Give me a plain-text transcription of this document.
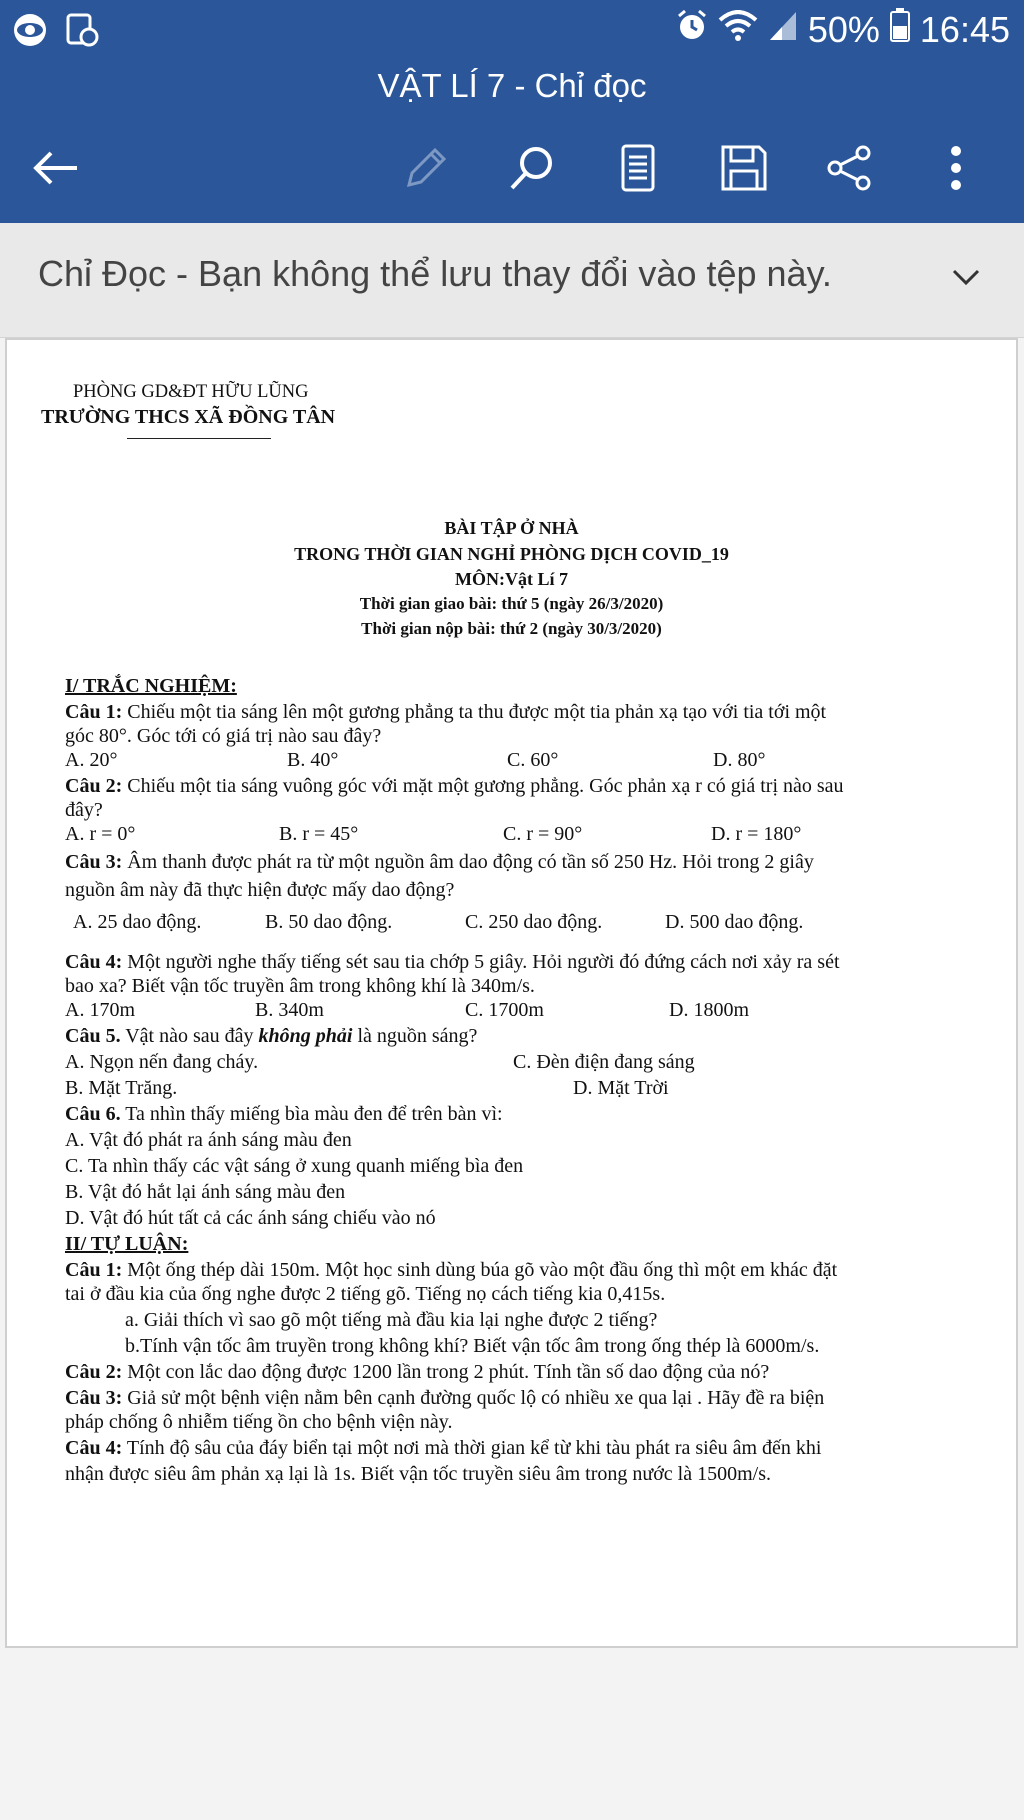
50% 16:45
VẬT LÍ 7 - Chỉ đọc
Chỉ Đọc - Bạn không thể lưu thay đổi vào tệp này.
PHÒNG GD&ĐT HỮU LŨNG
TRƯỜNG THCS XÃ ĐỒNG TÂN
BÀI TẬP Ở NHÀ
TRONG THỜI GIAN NGHỈ PHÒNG DỊCH COVID_19
MÔN:Vật Lí 7
Thời gian giao bài: thứ 5 (ngày 26/3/2020)
Thời gian nộp bài: thứ 2 (ngày 30/3/2020)
I/ TRẮC NGHIỆM:
Câu 1: Chiếu một tia sáng lên một gương phẳng ta thu được một tia phản xạ tạo với tia tới một
góc 80°. Góc tới có giá trị nào sau đây?
A. 20°	B. 40°	C. 60°	D. 80°
Câu 2: Chiếu một tia sáng vuông góc với mặt một gương phẳng. Góc phản xạ r có giá trị nào sau
đây?
A. r = 0°	B. r = 45°	C. r = 90°	D. r = 180°
Câu 3: Âm thanh được phát ra từ một nguồn âm dao động có tần số 250 Hz. Hỏi trong 2 giây
nguồn âm này đã thực hiện được mấy dao động?
A. 25 dao động.	B. 50 dao động.	C. 250 dao động.	D. 500 dao động.
Câu 4: Một người nghe thấy tiếng sét sau tia chớp 5 giây. Hỏi người đó đứng cách nơi xảy ra sét
bao xa? Biết vận tốc truyền âm trong không khí là 340m/s.
A. 170m	B. 340m	C. 1700m	D. 1800m
Câu 5. Vật nào sau đây không phải là nguồn sáng?
A. Ngọn nến đang cháy.	C. Đèn điện đang sáng
B. Mặt Trăng.	D. Mặt Trời
Câu 6. Ta nhìn thấy miếng bìa màu đen để trên bàn vì:
A. Vật đó phát ra ánh sáng màu đen
C. Ta nhìn thấy các vật sáng ở xung quanh miếng bìa đen
B. Vật đó hắt lại ánh sáng màu đen
D. Vật đó hút tất cả các ánh sáng chiếu vào nó
II/ TỰ LUẬN:
Câu 1: Một ống thép dài 150m. Một học sinh dùng búa gõ vào một đầu ống thì một em khác đặt
tai ở đầu kia của ống nghe được 2 tiếng gõ. Tiếng nọ cách tiếng kia 0,415s.
a. Giải thích vì sao gõ một tiếng mà đầu kia lại nghe được 2 tiếng?
b.Tính vận tốc âm truyền trong không khí? Biết vận tốc âm trong ống thép là 6000m/s.
Câu 2: Một con lắc dao động được 1200 lần trong 2 phút. Tính tần số dao động của nó?
Câu 3: Giả sử một bệnh viện nằm bên cạnh đường quốc lộ có nhiều xe qua lại . Hãy đề ra biện
pháp chống ô nhiễm tiếng ồn cho bệnh viện này.
Câu 4: Tính độ sâu của đáy biển tại một nơi mà thời gian kể từ khi tàu phát ra siêu âm đến khi
nhận được siêu âm phản xạ lại là 1s. Biết vận tốc truyền siêu âm trong nước là 1500m/s.
